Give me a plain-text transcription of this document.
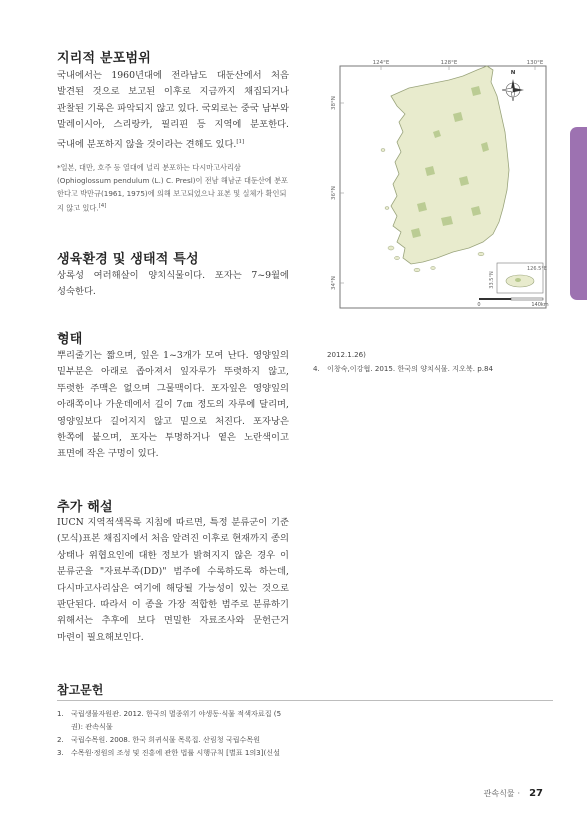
지리적 분포범위

국내에서는 1960년대에 전라남도 대둔산에서 처음 발견된 것으로 보고된 이후로 지금까지 채집되거나 관찰된 기록은 파악되지 않고 있다. 국외로는 중국 남부와 말레이시아, 스리랑카, 필리핀 등 지역에 분포한다. 국내에 분포하지 않을 것이라는 견해도 있다.[1]

*일본, 대만, 호주 등 열대에 널리 분포하는 다시마고사리삼(Ophioglossum pendulum (L.) C. Presl)이 전남 해남군 대둔산에 분포한다고 박만규(1961, 1975)에 의해 보고되었으나 표본 및 실체가 확인되지 않고 있다.[4]

생육환경 및 생태적 특성

상록성 여러해살이 양치식물이다. 포자는 7~9월에 성숙한다.

형태

뿌리줄기는 짧으며, 잎은 1~3개가 모여 난다. 영양잎의 밑부분은 아래로 좁아져서 잎자루가 뚜렷하지 않고, 뚜렷한 주맥은 없으며 그물맥이다. 포자잎은 영양잎의 아래쪽이나 가운데에서 길이 7㎝ 정도의 자루에 달리며, 영양잎보다 길어지지 않고 밑으로 처진다. 포자낭은 한쪽에 붙으며, 포자는 투명하거나 옅은 노란색이고 표면에 작은 구멍이 있다.

추가 해설

IUCN 지역적색목록 지침에 따르면, 특정 분류군이 기준(모식)표본 채집지에서 처음 알려진 이후로 현재까지 종의 상태나 위협요인에 대한 정보가 밝혀지지 않은 경우 이 분류군을 "자료부족(DD)" 범주에 수록하도록 하는데, 다시마고사리삼은 여기에 해당될 가능성이 있는 것으로 판단된다. 따라서 이 종을 가장 적합한 범주로 분류하기 위해서는 추후에 보다 면밀한 자료조사와 문헌근거 마련이 필요해보인다.

참고문헌
1. 국립생물자원관. 2012. 한국의 멸종위기 야생동·식물 적색자료집 (5권): 관속식물
2. 국립수목원. 2008. 한국 희귀식물 목록집. 산림청 국립수목원
3. 수목원·정원의 조성 및 진흥에 관한 법률 시행규칙 [별표 1의3](신설
2012.1.26)
4. 이창숙,이강협. 2015. 한국의 양치식물. 지오북. p.84
124°E	128°E	130°E
38°N
36°N
34°N
N
126.5°E
33.5°N
0	140km
관속식물 · 27
